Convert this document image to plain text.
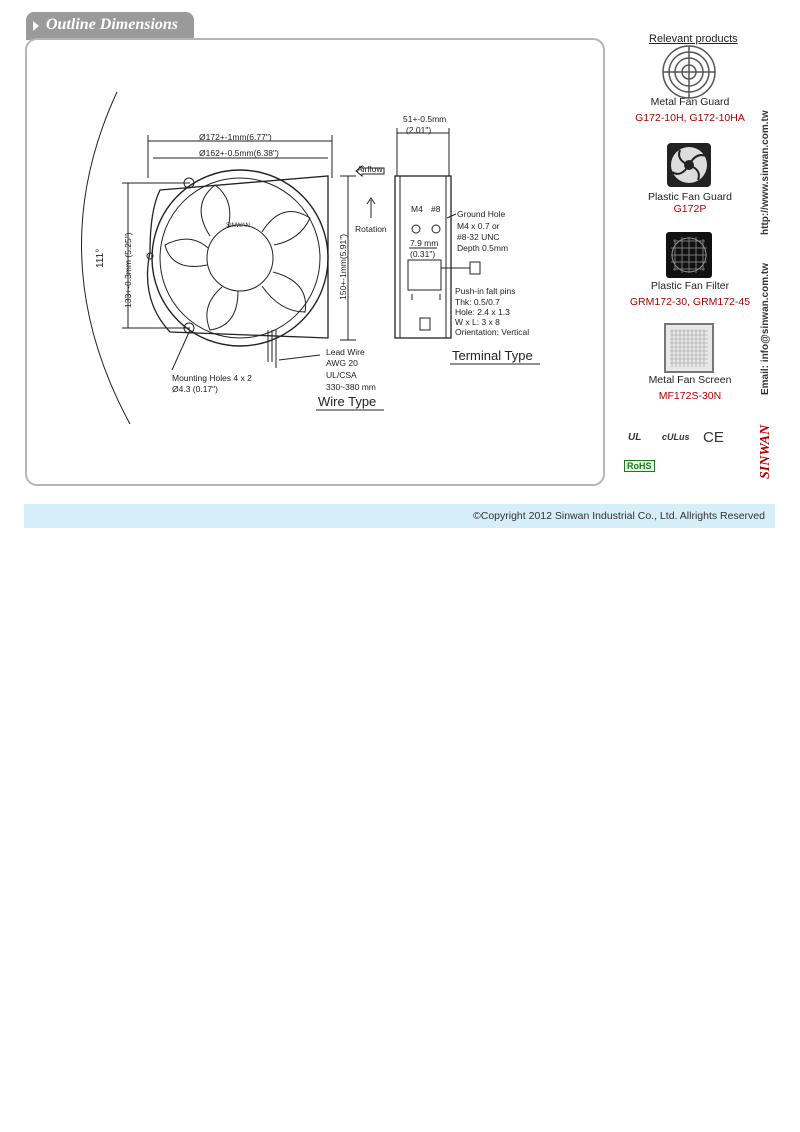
Outline Dimensions
Ø172+-1mm(6.77")
Ø162+-0.5mm(6.38")
150+-1mm(5.91")
133+-0.3mm (5.25")
111°
Airflow
Rotation
SINWAN
Mounting Holes 4 x 2
Ø4.3 (0.17")
Lead Wire
AWG 20
UL/CSA
330~380 mm
Wire Type
51+-0.5mm
(2.01")
M4 #8 Ground Hole
M4 x 0.7 or
#8-32 UNC
Depth 0.5mm
7.9 mm
(0.31")
Push-in falt pins
Thk: 0.5/0.7
Hole: 2.4 x 1.3
W x L: 3 x 8
Orientation: Vertical
Terminal Type
Relevant products
Metal Fan Guard
G172-10H, G172-10HA
Plastic Fan Guard
G172P
Plastic Fan Filter
GRM172-30, GRM172-45
Metal Fan Screen
MF172S-30N
UL cULus CE
RoHS
http://www.sinwan.com.tw
Email: info@sinwan.com.tw
SINWAN
©Copyright 2012 Sinwan Industrial Co., Ltd. Allrights Reserved
